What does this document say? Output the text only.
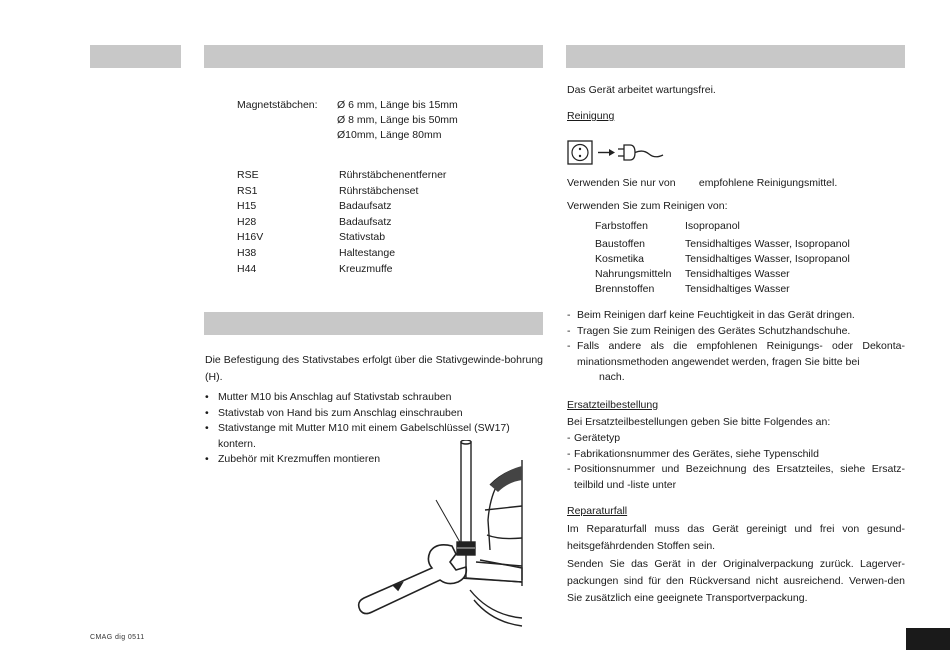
Magnetstäbchen: Ø 6 mm, Länge bis 15mm
Ø 8 mm, Länge bis 50mm
Ø10mm, Länge 80mm
RSE	Rührstäbchenentferner
RS1	Rührstäbchenset
H15	Badaufsatz
H28	Badaufsatz
H16V	Stativstab
H38	Haltestange
H44	Kreuzmuffe
Die Befestigung des Stativstabes erfolgt über die Stativgewinde-bohrung (H).
• Mutter M10 bis Anschlag auf Stativstab schrauben
• Stativstab von Hand bis zum Anschlag einschrauben
• Stativstange mit Mutter M10 mit einem Gabelschlüssel (SW17) kontern.
• Zubehör mit Krezmuffen montieren
CMAG dig 0511
Das Gerät arbeitet wartungsfrei.
Reinigung
Verwenden Sie nur von        empfohlene Reinigungsmittel.
Verwenden Sie zum Reinigen von:
Farbstoffen	Isopropanol
Baustoffen	Tensidhaltiges Wasser, Isopropanol
Kosmetika	Tensidhaltiges Wasser, Isopropanol
Nahrungsmitteln	Tensidhaltiges Wasser
Brennstoffen	Tensidhaltiges Wasser
- Beim Reinigen darf keine Feuchtigkeit in das Gerät dringen.
- Tragen Sie zum Reinigen des Gerätes Schutzhandschuhe.
- Falls andere als die empfohlenen Reinigungs- oder Dekonta-minationsmethoden angewendet werden, fragen Sie bitte bei
nach.
Ersatzteilbestellung
Bei Ersatzteilbestellungen geben Sie bitte Folgendes an:
- Gerätetyp
- Fabrikationsnummer des Gerätes, siehe Typenschild
- Positionsnummer und Bezeichnung des Ersatzteiles, siehe Ersatz-teilbild und -liste unter
Reparaturfall
Im Reparaturfall muss das Gerät gereinigt und frei von gesund-heitsgefährdenden Stoffen sein.
Senden Sie das Gerät in der Originalverpackung zurück. Lagerver-packungen sind für den Rückversand nicht ausreichend. Verwen-den Sie zusätzlich eine geeignete Transportverpackung.
